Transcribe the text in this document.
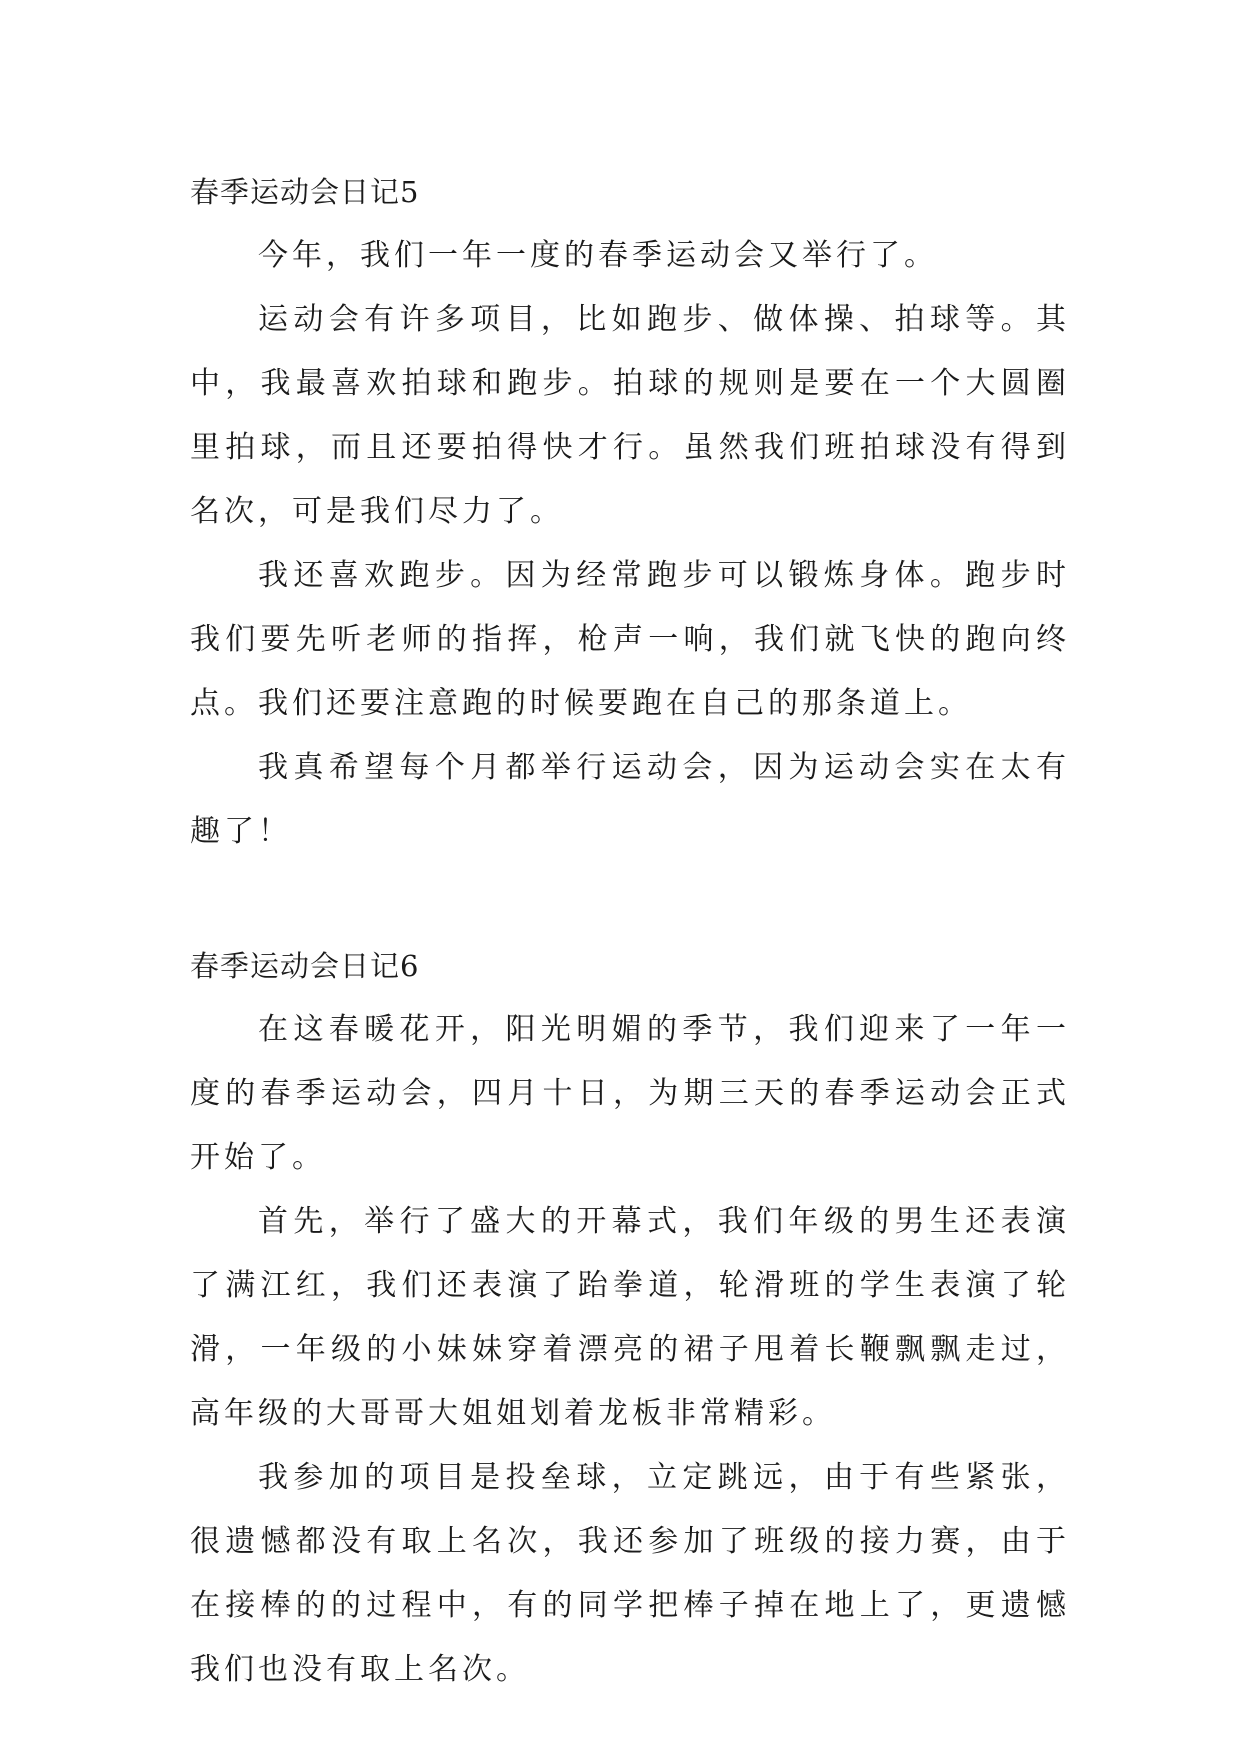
春季运动会日记5

今年，我们一年一度的春季运动会又举行了。

运动会有许多项目，比如跑步、做体操、拍球等。其中，我最喜欢拍球和跑步。拍球的规则是要在一个大圆圈里拍球，而且还要拍得快才行。虽然我们班拍球没有得到名次，可是我们尽力了。

我还喜欢跑步。因为经常跑步可以锻炼身体。跑步时我们要先听老师的指挥，枪声一响，我们就飞快的跑向终点。我们还要注意跑的时候要跑在自己的那条道上。

我真希望每个月都举行运动会，因为运动会实在太有趣了！

春季运动会日记6

在这春暖花开，阳光明媚的季节，我们迎来了一年一度的春季运动会，四月十日，为期三天的春季运动会正式开始了。

首先，举行了盛大的开幕式，我们年级的男生还表演了满江红，我们还表演了跆拳道，轮滑班的学生表演了轮滑，一年级的小妹妹穿着漂亮的裙子甩着长鞭飘飘走过，高年级的大哥哥大姐姐划着龙板非常精彩。

我参加的项目是投垒球，立定跳远，由于有些紧张，很遗憾都没有取上名次，我还参加了班级的接力赛，由于在接棒的的过程中，有的同学把棒子掉在地上了，更遗憾我们也没有取上名次。
